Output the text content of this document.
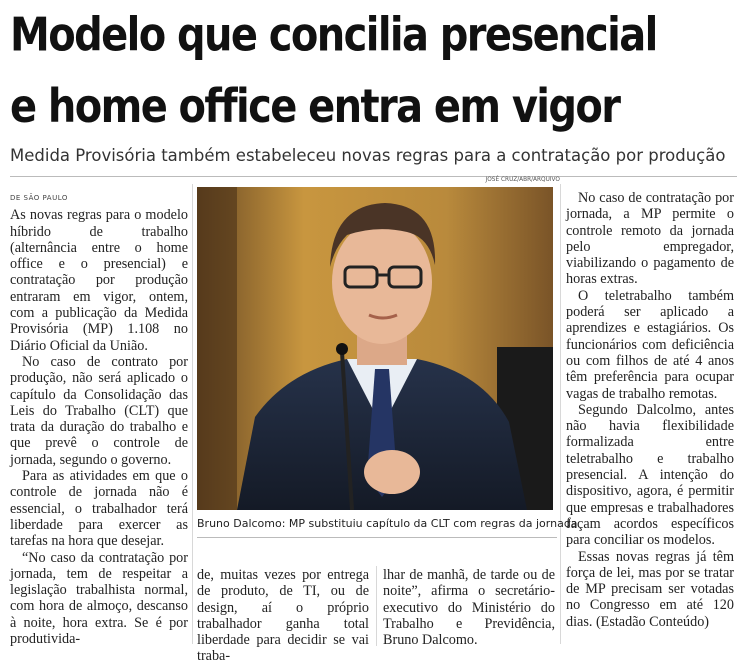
Modelo que concilia presencial
e home office entra em vigor

Medida Provisória também estabeleceu novas regras para a contratação por produção

DE SÃO PAULO

As novas regras para o modelo híbrido de trabalho (alternância entre o home office e o presencial) e contratação por produção entraram em vigor, ontem, com a publicação da Medida Provisória (MP) 1.108 no Diário Oficial da União.

No caso de contrato por produção, não será aplicado o capítulo da Consolidação das Leis do Trabalho (CLT) que trata da duração do trabalho e que prevê o controle de jornada, segundo o governo.

Para as atividades em que o controle de jornada não é essencial, o trabalhador terá liberdade para exercer as tarefas na hora que desejar.

“No caso da contratação por jornada, tem de respeitar a legislação trabalhista normal, com hora de almoço, descanso à noite, hora extra. Se é por produtivida-

JOSÉ CRUZ/ABR/ARQUIVO
Bruno Dalcomo: MP substituiu capítulo da CLT com regras da jornada

de, muitas vezes por entrega de produto, de TI, ou de design, aí o próprio trabalhador ganha total liberdade para decidir se vai traba-

lhar de manhã, de tarde ou de noite”, afirma o secretário-executivo do Ministério do Trabalho e Previdência, Bruno Dalcomo.

No caso de contratação por jornada, a MP permite o controle remoto da jornada pelo empregador, viabilizando o pagamento de horas extras.

O teletrabalho também poderá ser aplicado a aprendizes e estagiários. Os funcionários com deficiência ou com filhos de até 4 anos têm preferência para ocupar vagas de trabalho remotas.

Segundo Dalcolmo, antes não havia flexibilidade formalizada entre teletrabalho e trabalho presencial. A intenção do dispositivo, agora, é permitir que empresas e trabalhadores façam acordos específicos para conciliar os modelos.

Essas novas regras já têm força de lei, mas por se tratar de MP precisam ser votadas no Congresso em até 120 dias. (Estadão Conteúdo)
